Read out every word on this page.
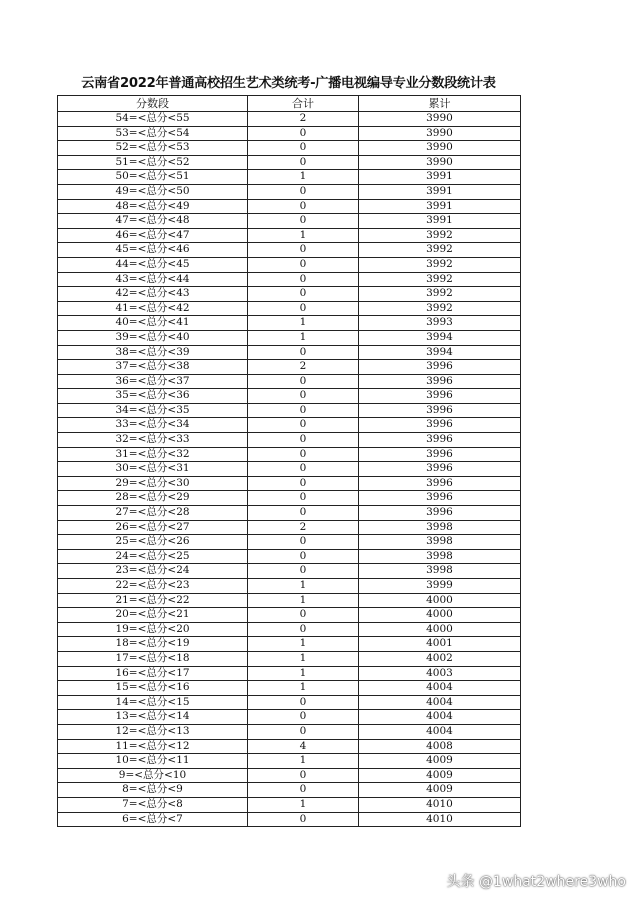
云南省2022年普通高校招生艺术类统考-广播电视编导专业分数段统计表
分数段	合计	累计
54=<总分<55	2	3990
53=<总分<54	0	3990
52=<总分<53	0	3990
51=<总分<52	0	3990
50=<总分<51	1	3991
49=<总分<50	0	3991
48=<总分<49	0	3991
47=<总分<48	0	3991
46=<总分<47	1	3992
45=<总分<46	0	3992
44=<总分<45	0	3992
43=<总分<44	0	3992
42=<总分<43	0	3992
41=<总分<42	0	3992
40=<总分<41	1	3993
39=<总分<40	1	3994
38=<总分<39	0	3994
37=<总分<38	2	3996
36=<总分<37	0	3996
35=<总分<36	0	3996
34=<总分<35	0	3996
33=<总分<34	0	3996
32=<总分<33	0	3996
31=<总分<32	0	3996
30=<总分<31	0	3996
29=<总分<30	0	3996
28=<总分<29	0	3996
27=<总分<28	0	3996
26=<总分<27	2	3998
25=<总分<26	0	3998
24=<总分<25	0	3998
23=<总分<24	0	3998
22=<总分<23	1	3999
21=<总分<22	1	4000
20=<总分<21	0	4000
19=<总分<20	0	4000
18=<总分<19	1	4001
17=<总分<18	1	4002
16=<总分<17	1	4003
15=<总分<16	1	4004
14=<总分<15	0	4004
13=<总分<14	0	4004
12=<总分<13	0	4004
11=<总分<12	4	4008
10=<总分<11	1	4009
9=<总分<10	0	4009
8=<总分<9	0	4009
7=<总分<8	1	4010
6=<总分<7	0	4010
头条 @1what2where3who
